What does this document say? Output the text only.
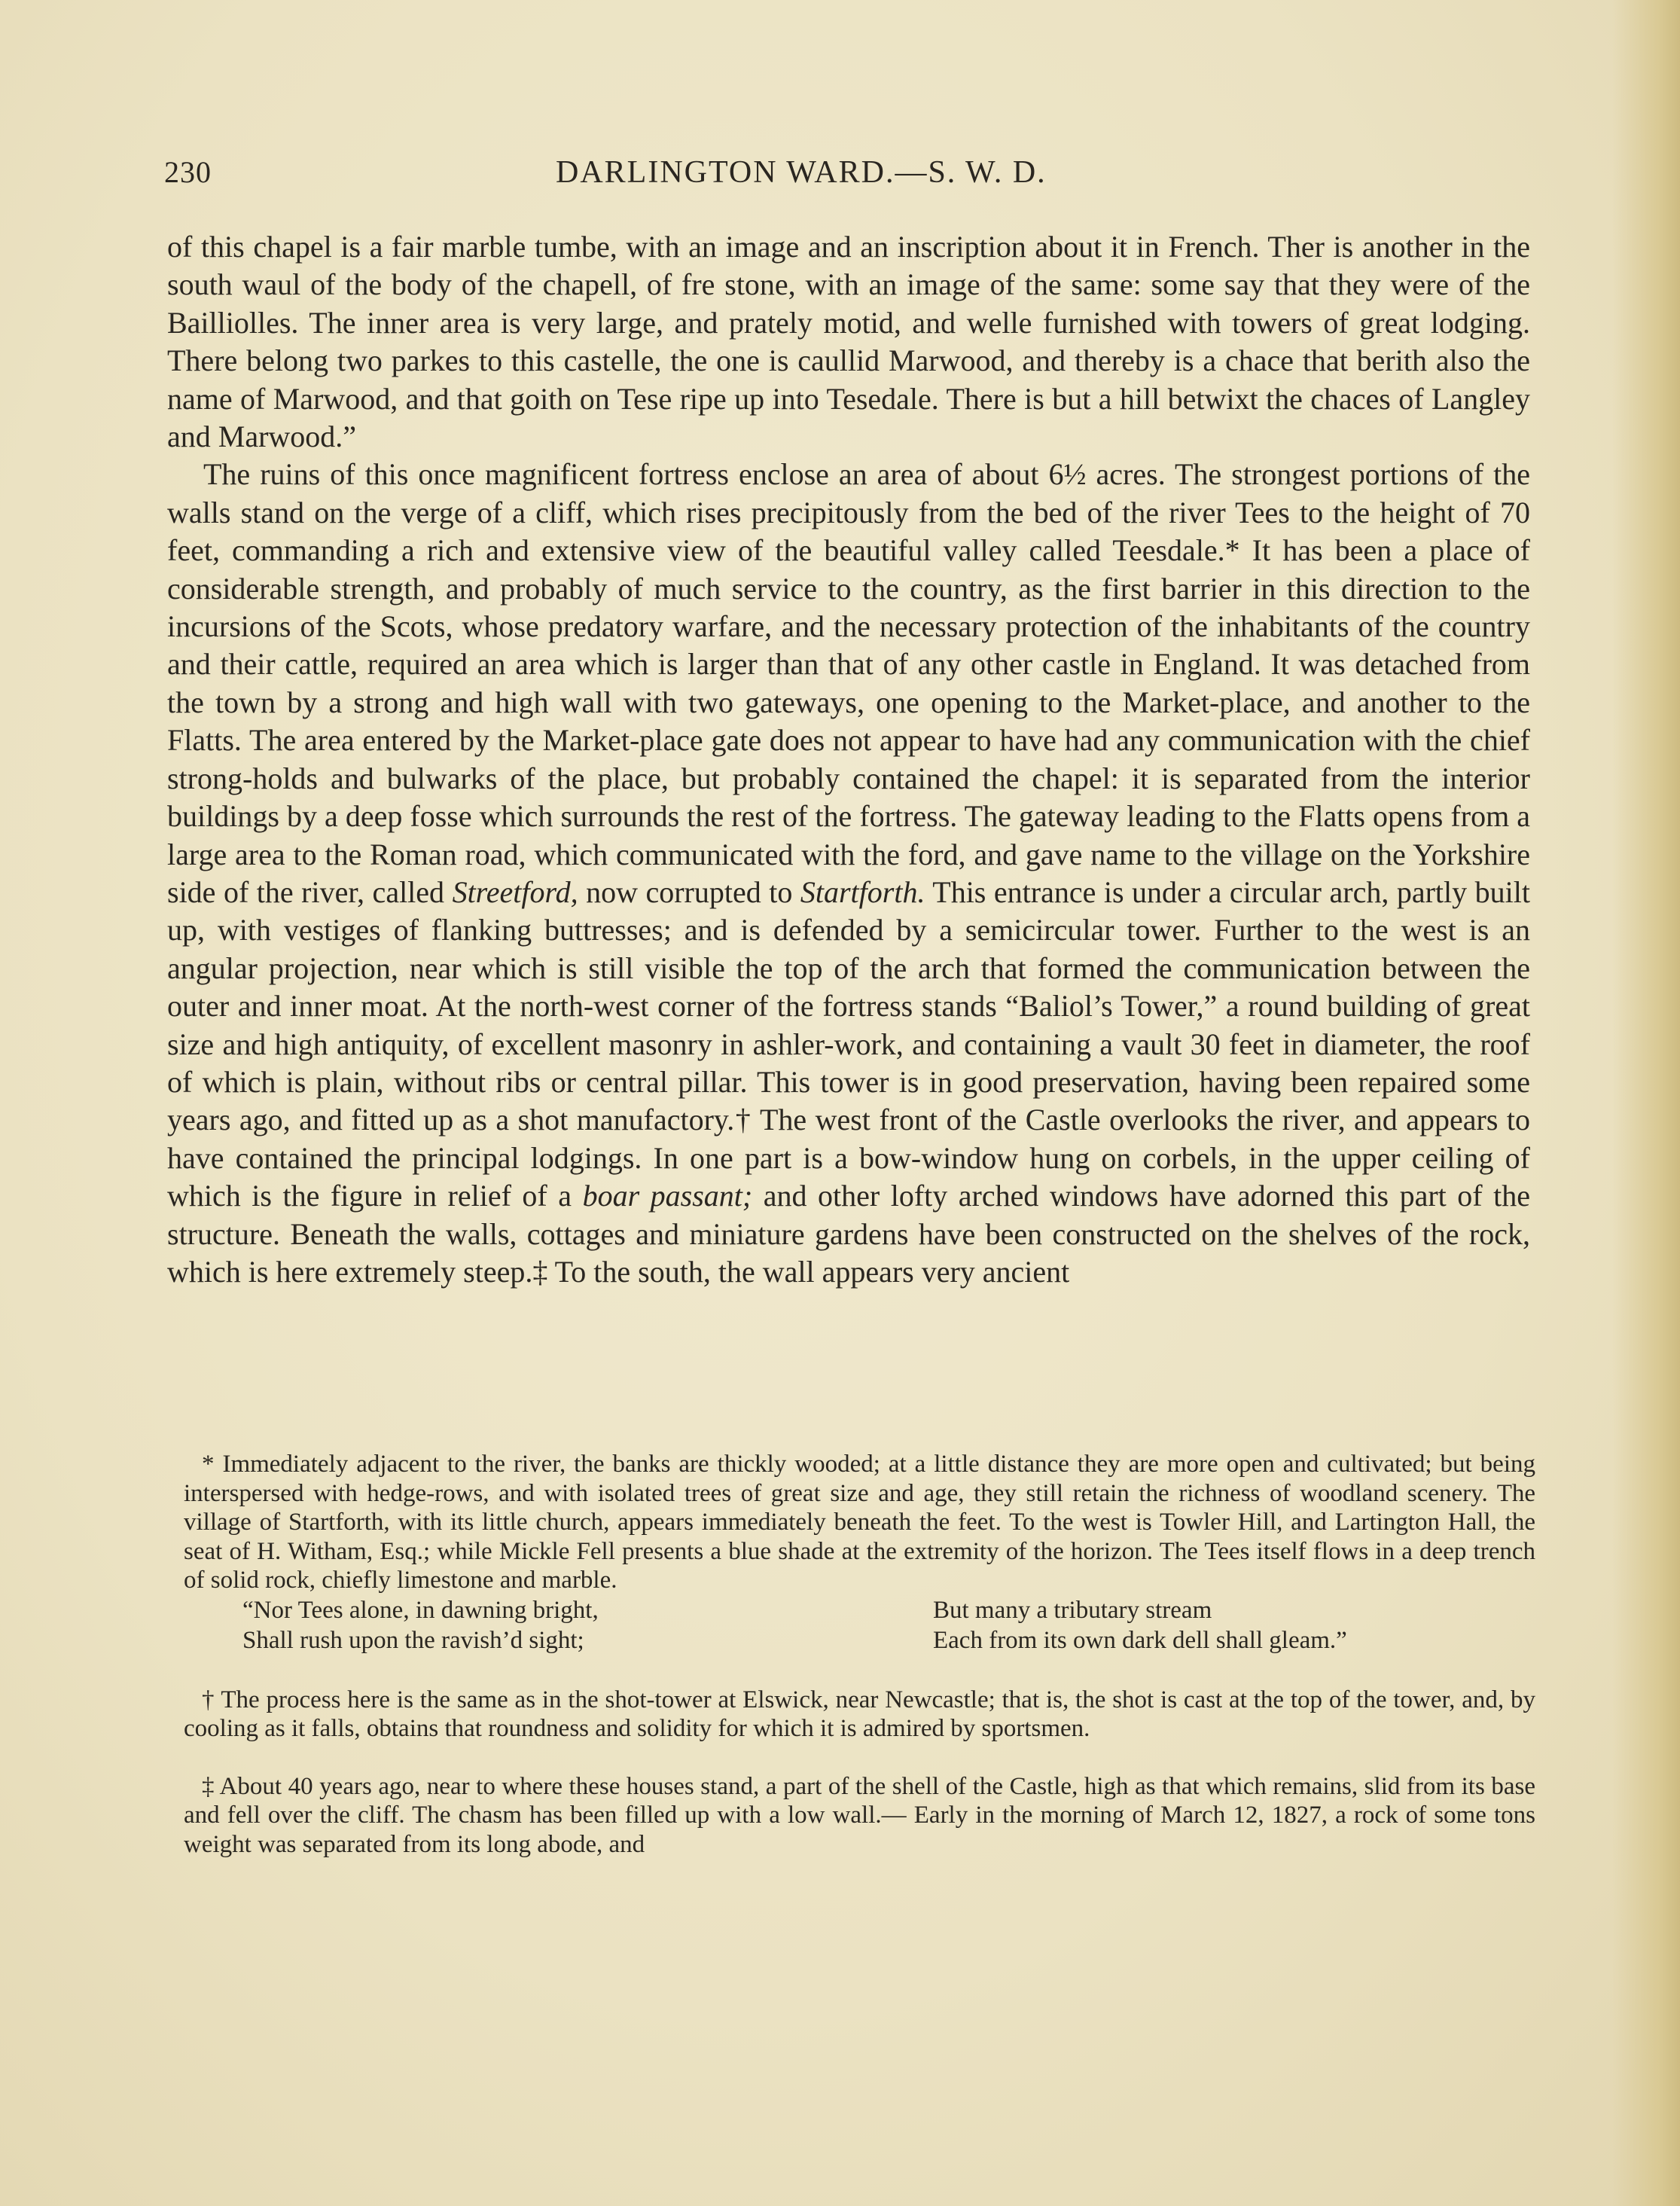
230	DARLINGTON WARD.—S. W. D.

of this chapel is a fair marble tumbe, with an image and an inscription about it in French. Ther is another in the south waul of the body of the chapell, of fre stone, with an image of the same: some say that they were of the Bailliolles. The inner area is very large, and prately motid, and welle furnished with towers of great lodging. There belong two parkes to this castelle, the one is caullid Marwood, and thereby is a chace that berith also the name of Marwood, and that goith on Tese ripe up into Tesedale. There is but a hill betwixt the chaces of Langley and Marwood.”

The ruins of this once magnificent fortress enclose an area of about 6½ acres. The strongest portions of the walls stand on the verge of a cliff, which rises precipitously from the bed of the river Tees to the height of 70 feet, commanding a rich and extensive view of the beautiful valley called Teesdale.* It has been a place of considerable strength, and probably of much service to the country, as the first barrier in this direction to the incursions of the Scots, whose predatory warfare, and the necessary protection of the inhabitants of the country and their cattle, required an area which is larger than that of any other castle in England. It was detached from the town by a strong and high wall with two gateways, one opening to the Market-place, and another to the Flatts. The area entered by the Market-place gate does not appear to have had any communication with the chief strong-holds and bulwarks of the place, but probably contained the chapel: it is separated from the interior buildings by a deep fosse which surrounds the rest of the fortress. The gateway leading to the Flatts opens from a large area to the Roman road, which communicated with the ford, and gave name to the village on the Yorkshire side of the river, called Streetford, now corrupted to Startforth. This entrance is under a circular arch, partly built up, with vestiges of flanking buttresses; and is defended by a semicircular tower. Further to the west is an angular projection, near which is still visible the top of the arch that formed the communication between the outer and inner moat. At the north-west corner of the fortress stands “Baliol’s Tower,” a round building of great size and high antiquity, of excellent masonry in ashler-work, and containing a vault 30 feet in diameter, the roof of which is plain, without ribs or central pillar. This tower is in good preservation, having been repaired some years ago, and fitted up as a shot manufactory.† The west front of the Castle overlooks the river, and appears to have contained the principal lodgings. In one part is a bow-window hung on corbels, in the upper ceiling of which is the figure in relief of a boar passant; and other lofty arched windows have adorned this part of the structure. Beneath the walls, cottages and miniature gardens have been constructed on the shelves of the rock, which is here extremely steep.‡ To the south, the wall appears very ancient

* Immediately adjacent to the river, the banks are thickly wooded; at a little distance they are more open and cultivated; but being interspersed with hedge-rows, and with isolated trees of great size and age, they still retain the richness of woodland scenery. The village of Startforth, with its little church, appears immediately beneath the feet. To the west is Towler Hill, and Lartington Hall, the seat of H. Witham, Esq.; while Mickle Fell presents a blue shade at the extremity of the horizon. The Tees itself flows in a deep trench of solid rock, chiefly limestone and marble.

“Nor Tees alone, in dawning bright,
Shall rush upon the ravish’d sight;
But many a tributary stream
Each from its own dark dell shall gleam.”

† The process here is the same as in the shot-tower at Elswick, near Newcastle; that is, the shot is cast at the top of the tower, and, by cooling as it falls, obtains that roundness and solidity for which it is admired by sportsmen.

‡ About 40 years ago, near to where these houses stand, a part of the shell of the Castle, high as that which remains, slid from its base and fell over the cliff. The chasm has been filled up with a low wall.— Early in the morning of March 12, 1827, a rock of some tons weight was separated from its long abode, and
